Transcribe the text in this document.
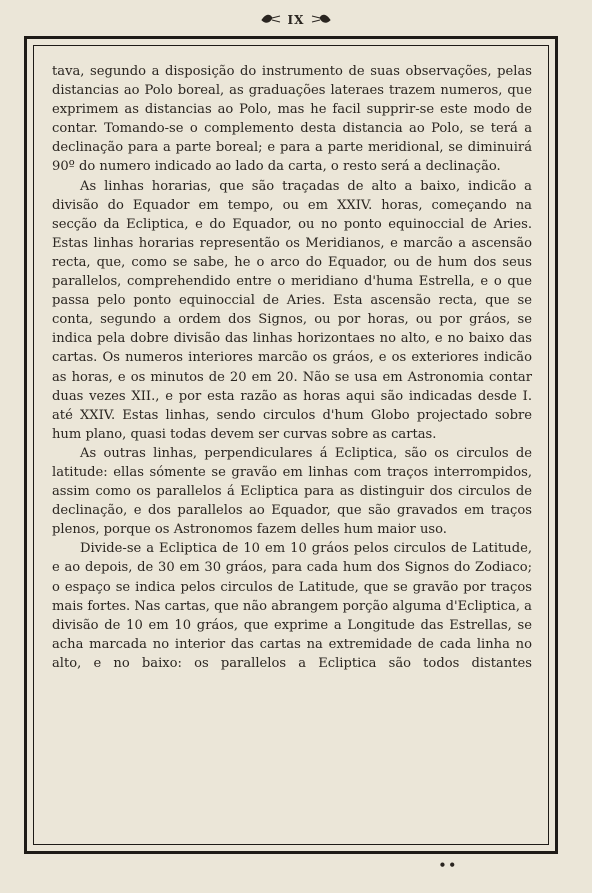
IX

tava, segundo a disposição do instrumento de suas observações, pelas distancias ao Polo boreal, as graduações lateraes trazem numeros, que exprimem as distancias ao Polo, mas he facil supprir-se este modo de contar. Tomando-se o complemento desta distancia ao Polo, se terá a declinação para a parte boreal; e para a parte meridional, se diminuirá 90º do numero indicado ao lado da carta, o resto será a declinação.

As linhas horarias, que são traçadas de alto a baixo, indicão a divisão do Equador em tempo, ou em XXIV. horas, começando na secção da Ecliptica, e do Equador, ou no ponto equinoccial de Aries. Estas linhas horarias representão os Meridianos, e marcão a ascensão recta, que, como se sabe, he o arco do Equador, ou de hum dos seus parallelos, comprehendido entre o meridiano d'huma Estrella, e o que passa pelo ponto equinoccial de Aries. Esta ascensão recta, que se conta, segundo a ordem dos Signos, ou por horas, ou por gráos, se indica pela dobre divisão das linhas horizontaes no alto, e no baixo das cartas. Os numeros interiores marcão os gráos, e os exteriores indicão as horas, e os minutos de 20 em 20. Não se usa em Astronomia contar duas vezes XII., e por esta razão as horas aqui são indicadas desde I. até XXIV. Estas linhas, sendo circulos d'hum Globo projectado sobre hum plano, quasi todas devem ser curvas sobre as cartas.

As outras linhas, perpendiculares á Ecliptica, são os circulos de latitude: ellas sómente se gravão em linhas com traços interrompidos, assim como os parallelos á Ecliptica para as distinguir dos circulos de declinação, e dos parallelos ao Equador, que são gravados em traços plenos, porque os Astronomos fazem delles hum maior uso.

Divide-se a Ecliptica de 10 em 10 gráos pelos circulos de Latitude, e ao depois, de 30 em 30 gráos, para cada hum dos Signos do Zodiaco; o espaço se indica pelos circulos de Latitude, que se gravão por traços mais fortes. Nas cartas, que não abrangem porção alguma d'Ecliptica, a divisão de 10 em 10 gráos, que exprime a Longitude das Estrellas, se acha marcada no interior das cartas na extremidade de cada linha no alto, e no baixo: os parallelos a Ecliptica são todos distantes

••
